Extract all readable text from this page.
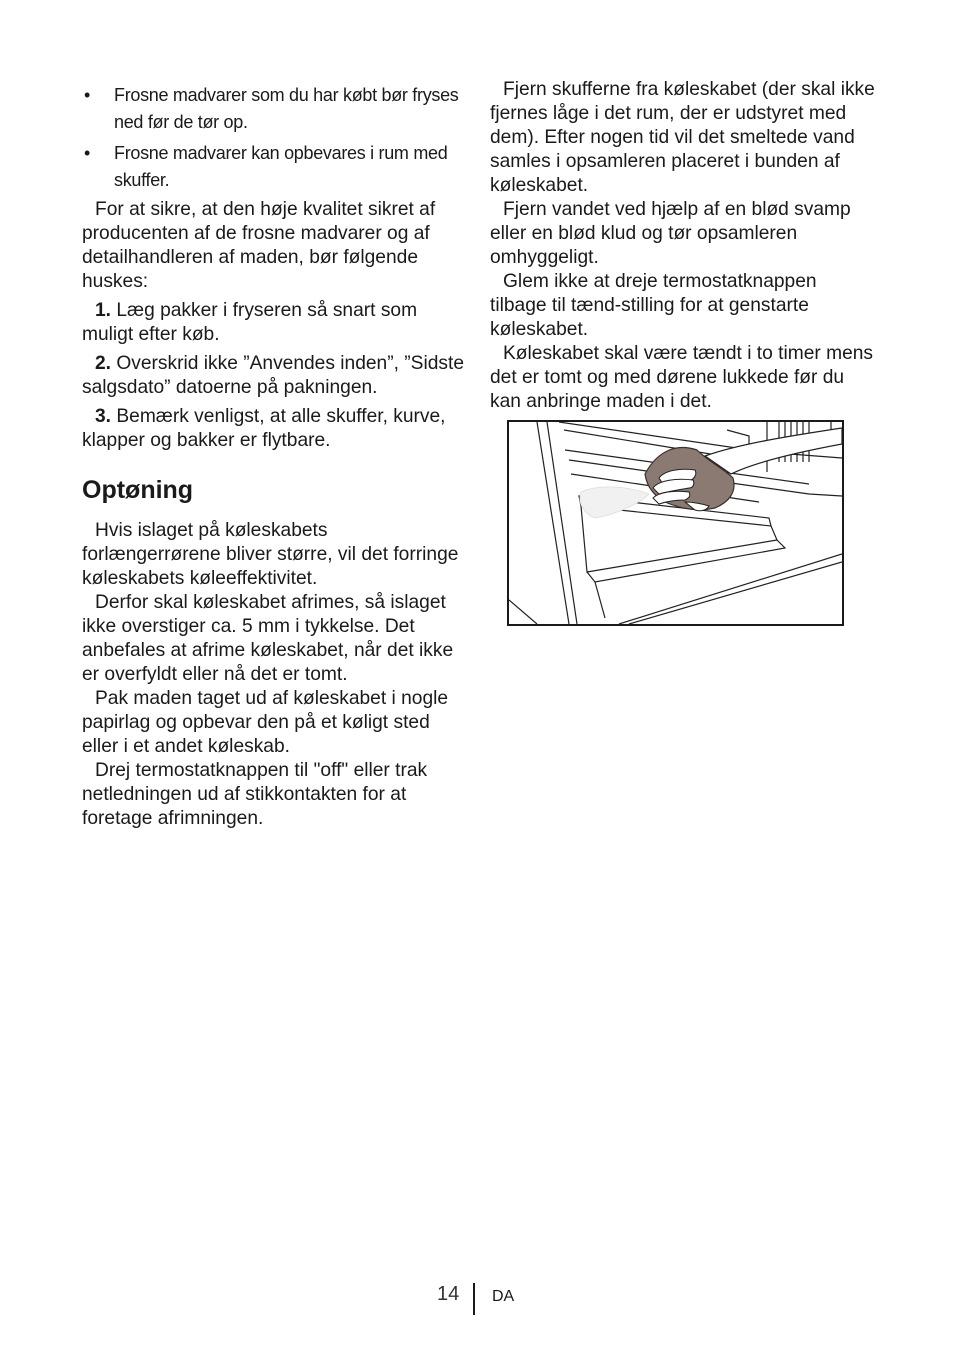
• Frosne madvarer som du har købt bør fryses ned før de tør op.
• Frosne madvarer kan opbevares i rum med skuffer.

For at sikre, at den høje kvalitet sikret af producenten af de frosne madvarer og af detailhandleren af maden, bør følgende huskes:

1. Læg pakker i fryseren så snart som muligt efter køb.

2. Overskrid ikke ”Anvendes inden”, ”Sidste salgsdato” datoerne på pakningen.

3. Bemærk venligst, at alle skuffer, kurve, klapper og bakker er flytbare.

Optøning

Hvis islaget på køleskabets forlængerrørene bliver større, vil det forringe køleskabets køleeffektivitet.

Derfor skal køleskabet afrimes, så islaget ikke overstiger ca. 5 mm i tykkelse. Det anbefales at afrime køleskabet, når det ikke er overfyldt eller nå det er tomt.

Pak maden taget ud af køleskabet i nogle papirlag og opbevar den på et køligt sted eller i et andet køleskab.

Drej termostatknappen til "off" eller trak netledningen ud af stikkontakten for at foretage afrimningen.

Fjern skufferne fra køleskabet (der skal ikke fjernes låge i det rum, der er udstyret med dem). Efter nogen tid vil det smeltede vand samles i opsamleren placeret i bunden af køleskabet.

Fjern vandet ved hjælp af en blød svamp eller en blød klud og tør opsamleren omhyggeligt.

Glem ikke at dreje termostatknappen tilbage til tænd-stilling for at genstarte køleskabet.

Køleskabet skal være tændt i to timer mens det er tomt og med dørene lukkede før du kan anbringe maden i det.

14 DA
